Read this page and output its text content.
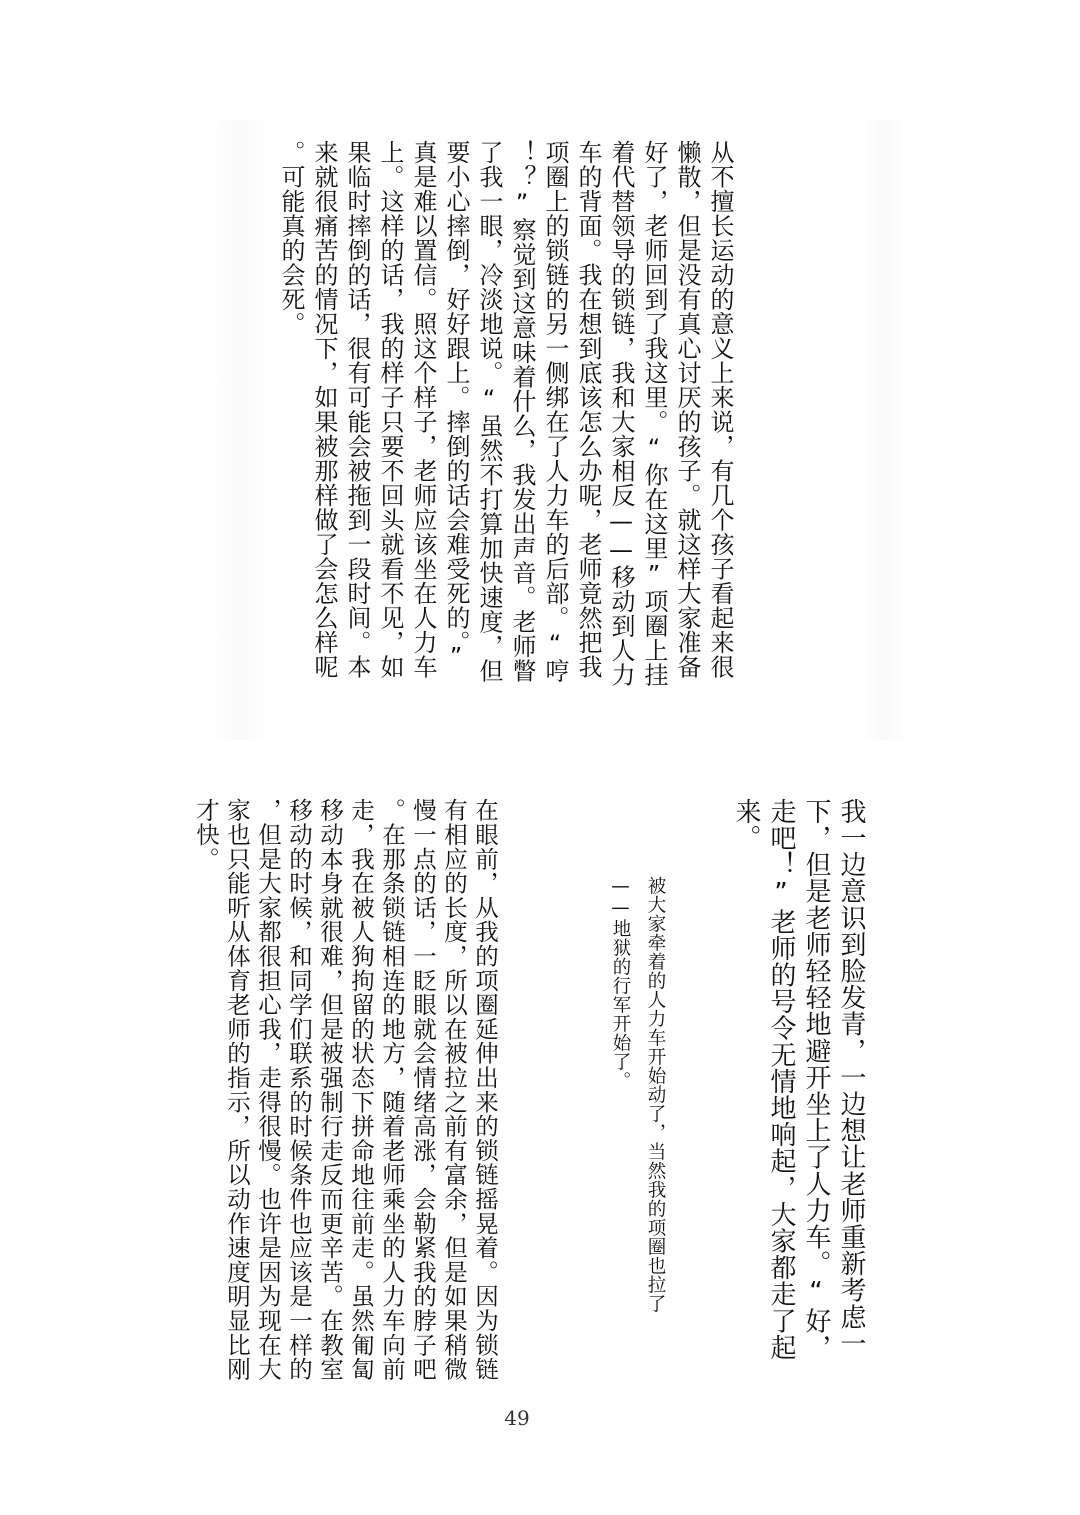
从不擅长运动的意义上来说，有几个孩子看起来很
懒散，但是没有真心讨厌的孩子。就这样大家准备
好了，老师回到了我这里。“你在这里”项圈上挂
着代替领导的锁链，我和大家相反——移动到人力
车的背面。我在想到底该怎么办呢，老师竟然把我
项圈上的锁链的另一侧绑在了人力车的后部。“哼
！？”察觉到这意味着什么，我发出声音。老师瞥
了我一眼，冷淡地说。“虽然不打算加快速度，但
要小心摔倒，好好跟上。摔倒的话会难受死的。”
真是难以置信。照这个样子，老师应该坐在人力车
上。这样的话，我的样子只要不回头就看不见，如
果临时摔倒的话，很有可能会被拖到一段时间。本
来就很痛苦的情况下，如果被那样做了会怎么样呢
。可能真的会死。
我一边意识到脸发青，一边想让老师重新考虑一
下，但是老师轻轻地避开坐上了人力车。“好，
走吧！”老师的号令无情地响起，大家都走了起
来。
被大家牵着的人力车开始动了，当然我的项圈也拉了
——地狱的行军开始了。
在眼前，从我的项圈延伸出来的锁链摇晃着。因为锁链
有相应的长度，所以在被拉之前有富余，但是如果稍微
慢一点的话，一眨眼就会情绪高涨，会勒紧我的脖子吧
。在那条锁链相连的地方，随着老师乘坐的人力车向前
走，我在被人狗拘留的状态下拼命地往前走。虽然匍匐
移动本身就很难，但是被强制行走反而更辛苦。在教室
移动的时候，和同学们联系的时候条件也应该是一样的
，但是大家都很担心我，走得很慢。也许是因为现在大
家也只能听从体育老师的指示，所以动作速度明显比刚
才快。
49
